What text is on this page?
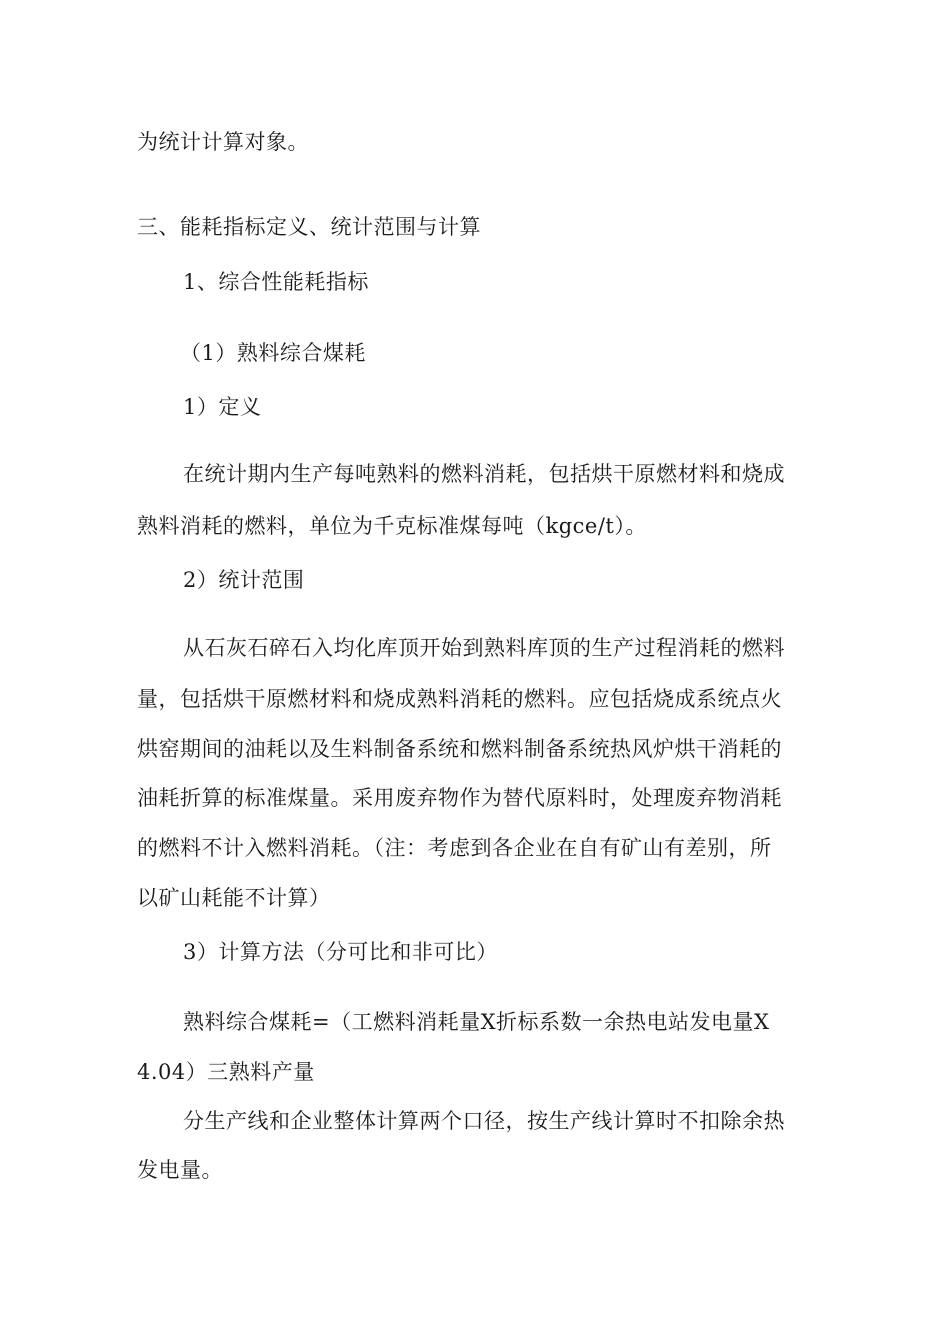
为统计计算对象。
三、能耗指标定义、统计范围与计算
1、综合性能耗指标
（1）熟料综合煤耗
1）定义
在统计期内生产每吨熟料的燃料消耗，包括烘干原燃材料和烧成
熟料消耗的燃料，单位为千克标准煤每吨（kgce/t）。
2）统计范围
从石灰石碎石入均化库顶开始到熟料库顶的生产过程消耗的燃料
量，包括烘干原燃材料和烧成熟料消耗的燃料。应包括烧成系统点火
烘窑期间的油耗以及生料制备系统和燃料制备系统热风炉烘干消耗的
油耗折算的标准煤量。采用废弃物作为替代原料时，处理废弃物消耗
的燃料不计入燃料消耗。（注：考虑到各企业在自有矿山有差别，所
以矿山耗能不计算）
3）计算方法（分可比和非可比）
熟料综合煤耗=（工燃料消耗量X折标系数一余热电站发电量X
4.04）三熟料产量
分生产线和企业整体计算两个口径，按生产线计算时不扣除余热
发电量。
